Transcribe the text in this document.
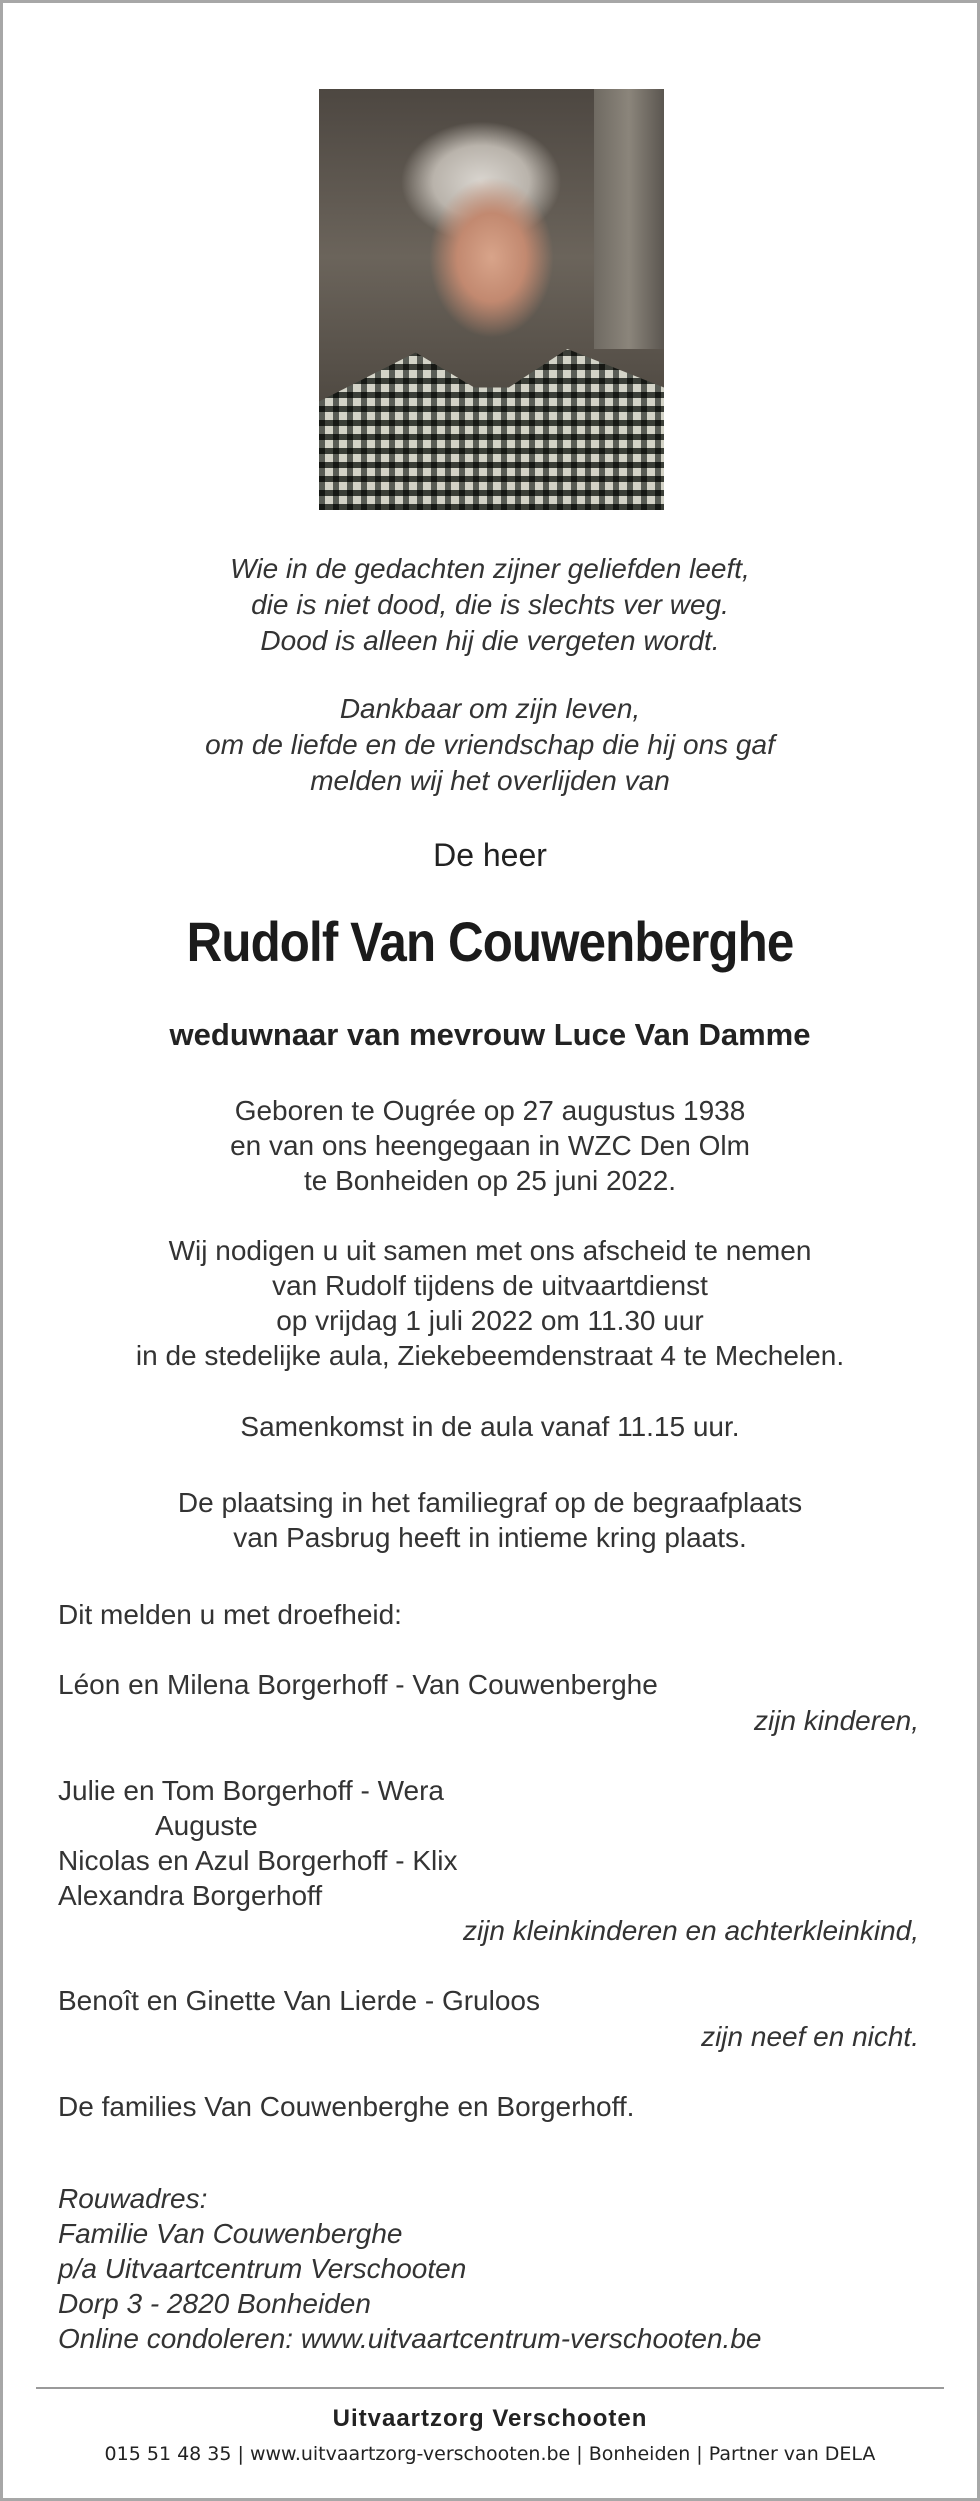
Wie in de gedachten zijner geliefden leeft,
die is niet dood, die is slechts ver weg.
Dood is alleen hij die vergeten wordt.
Dankbaar om zijn leven,
om de liefde en de vriendschap die hij ons gaf
melden wij het overlijden van
De heer
Rudolf Van Couwenberghe
weduwnaar van mevrouw Luce Van Damme
Geboren te Ougrée op 27 augustus 1938
en van ons heengegaan in WZC Den Olm
te Bonheiden op 25 juni 2022.
Wij nodigen u uit samen met ons afscheid te nemen
van Rudolf tijdens de uitvaartdienst
op vrijdag 1 juli 2022 om 11.30 uur
in de stedelijke aula, Ziekebeemdenstraat 4 te Mechelen.
Samenkomst in de aula vanaf 11.15 uur.
De plaatsing in het familiegraf op de begraafplaats
van Pasbrug heeft in intieme kring plaats.
Dit melden u met droefheid:
Léon en Milena Borgerhoff - Van Couwenberghe
zijn kinderen,
Julie en Tom Borgerhoff - Wera
Auguste
Nicolas en Azul Borgerhoff - Klix
Alexandra Borgerhoff
zijn kleinkinderen en achterkleinkind,
Benoît en Ginette Van Lierde - Gruloos
zijn neef en nicht.
De families Van Couwenberghe en Borgerhoff.
Rouwadres:
Familie Van Couwenberghe
p/a Uitvaartcentrum Verschooten
Dorp 3 - 2820 Bonheiden
Online condoleren: www.uitvaartcentrum-verschooten.be
Uitvaartzorg Verschooten
015 51 48 35 | www.uitvaartzorg-verschooten.be | Bonheiden | Partner van DELA
